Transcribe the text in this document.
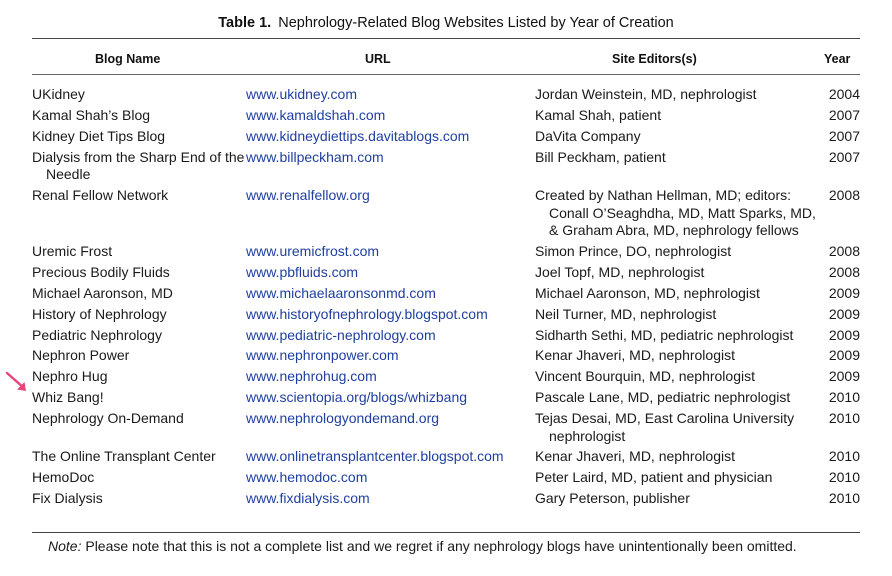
Table 1. Nephrology-Related Blog Websites Listed by Year of Creation
Blog Name	URL	Site Editors(s)	Year
UKidney	www.ukidney.com	Jordan Weinstein, MD, nephrologist	2004

Kamal Shah’s Blog	www.kamaldshah.com	Kamal Shah, patient	2007

Kidney Diet Tips Blog	www.kidneydiettips.davitablogs.com	DaVita Company	2007

Dialysis from the Sharp End of the Needle	www.billpeckham.com	Bill Peckham, patient	2007

Renal Fellow Network	www.renalfellow.org	Created by Nathan Hellman, MD; editors: Conall O’Seaghdha, MD, Matt Sparks, MD, & Graham Abra, MD, nephrology fellows	2008

Uremic Frost	www.uremicfrost.com	Simon Prince, DO, nephrologist	2008

Precious Bodily Fluids	www.pbfluids.com	Joel Topf, MD, nephrologist	2008

Michael Aaronson, MD	www.michaelaaronsonmd.com	Michael Aaronson, MD, nephrologist	2009

History of Nephrology	www.historyofnephrology.blogspot.com	Neil Turner, MD, nephrologist	2009

Pediatric Nephrology	www.pediatric-nephrology.com	Sidharth Sethi, MD, pediatric nephrologist	2009

Nephron Power	www.nephronpower.com	Kenar Jhaveri, MD, nephrologist	2009

Nephro Hug	www.nephrohug.com	Vincent Bourquin, MD, nephrologist	2009

Whiz Bang!	www.scientopia.org/blogs/whizbang	Pascale Lane, MD, pediatric nephrologist	2010

Nephrology On-Demand	www.nephrologyondemand.org	Tejas Desai, MD, East Carolina University nephrologist	2010

The Online Transplant Center	www.onlinetransplantcenter.blogspot.com	Kenar Jhaveri, MD, nephrologist	2010

HemoDoc	www.hemodoc.com	Peter Laird, MD, patient and physician	2010

Fix Dialysis	www.fixdialysis.com	Gary Peterson, publisher	2010
Note: Please note that this is not a complete list and we regret if any nephrology blogs have unintentionally been omitted.
